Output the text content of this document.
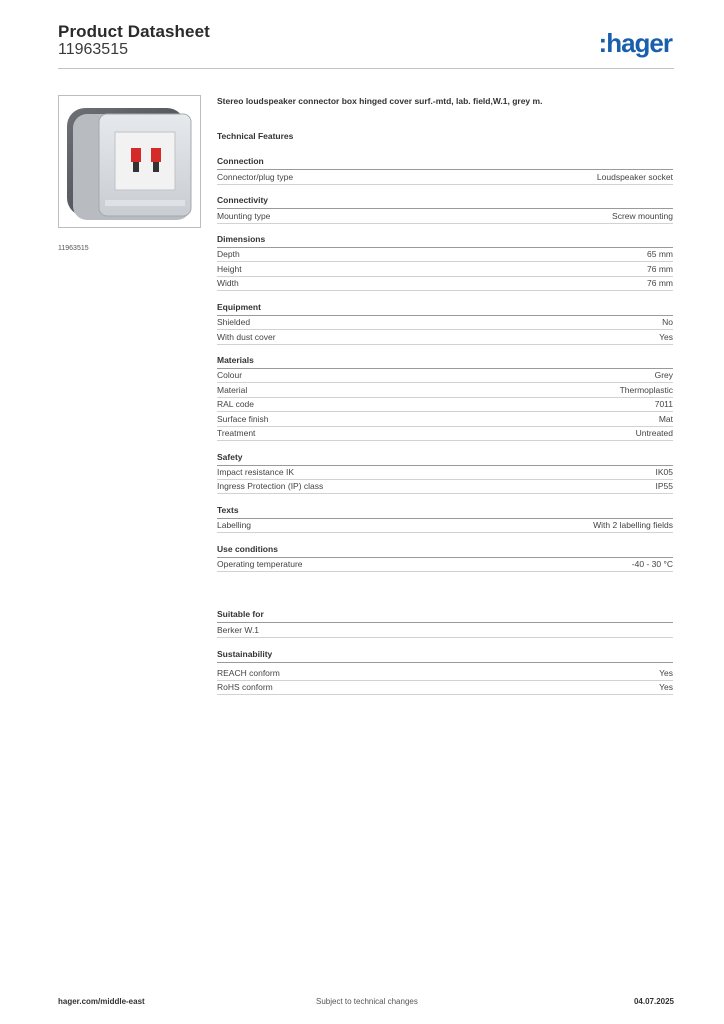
Product Datasheet
11963515	:hager
11963515
Stereo loudspeaker connector box hinged cover surf.-mtd, lab. field,W.1, grey m.
Technical Features
Connection
Connector/plug type	Loudspeaker socket
Connectivity
Mounting type	Screw mounting
Dimensions
Depth	65 mm
Height	76 mm
Width	76 mm
Equipment
Shielded	No
With dust cover	Yes
Materials
Colour	Grey
Material	Thermoplastic
RAL code	7011
Surface finish	Mat
Treatment	Untreated
Safety
Impact resistance IK	IK05
Ingress Protection (IP) class	IP55
Texts
Labelling	With 2 labelling fields
Use conditions
Operating temperature	-40 - 30 °C
Suitable for
Berker W.1
Sustainability
REACH conform	Yes
RoHS conform	Yes
hager.com/middle-east	Subject to technical changes	04.07.2025
